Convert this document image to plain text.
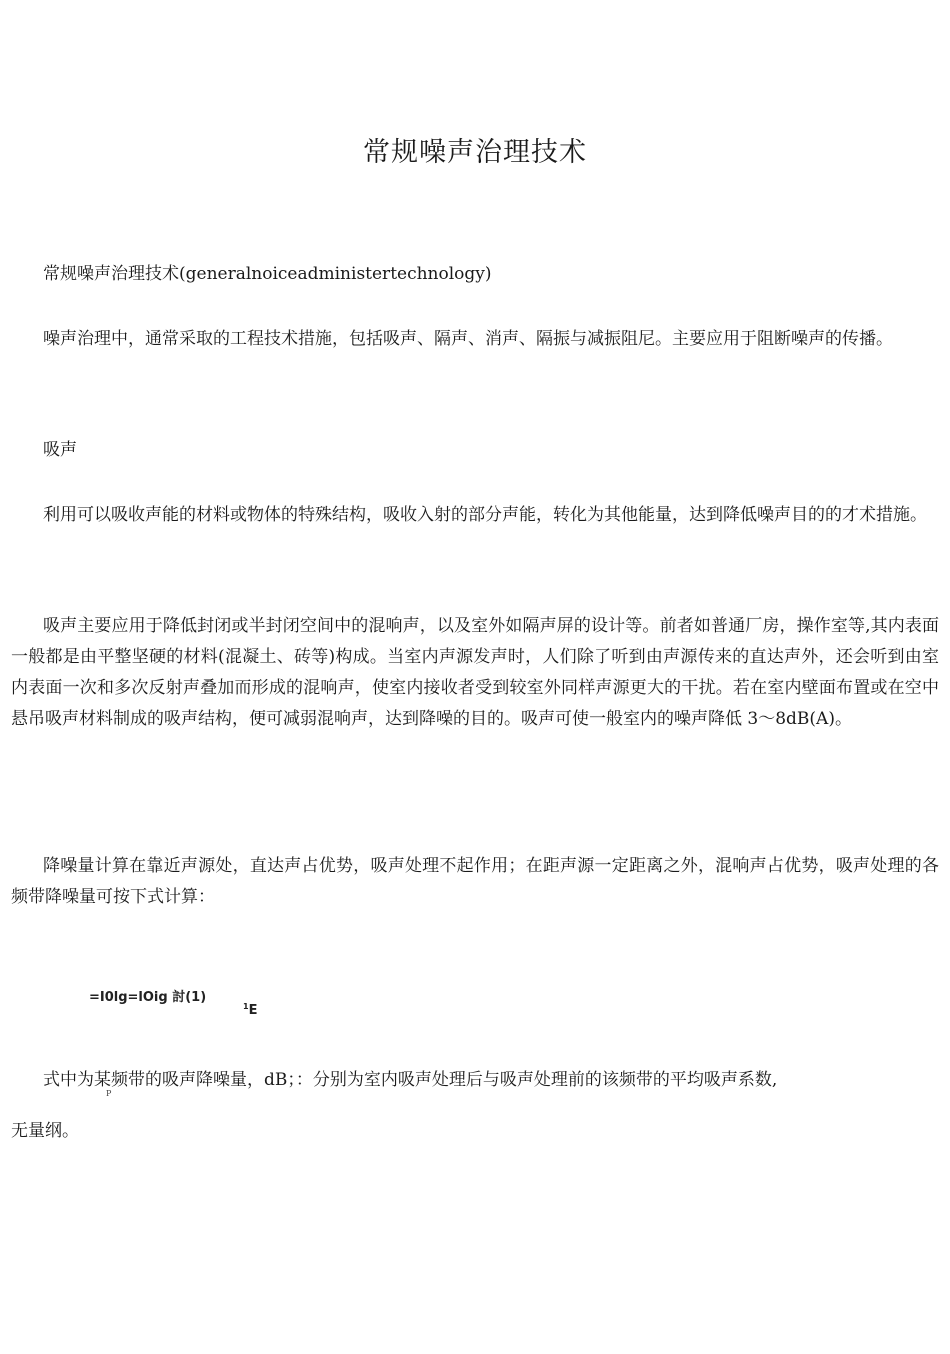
常规噪声治理技术
常规噪声治理技术(generalnoiceadministertechnology)
噪声治理中，通常采取的工程技术措施，包括吸声、隔声、消声、隔振与减振阻尼。主要应用于阻断噪声的传播。
吸声
利用可以吸收声能的材料或物体的特殊结构，吸收入射的部分声能，转化为其他能量，达到降低噪声目的的才术措施。
吸声主要应用于降低封闭或半封闭空间中的混响声，以及室外如隔声屏的设计等。前者如普通厂房，操作室等,其内表面一般都是由平整坚硬的材料(混凝土、砖等)构成。当室内声源发声时，人们除了听到由声源传来的直达声外，还会听到由室内表面一次和多次反射声叠加而形成的混响声，使室内接收者受到较室外同样声源更大的干扰。若在室内壁面布置或在空中悬吊吸声材料制成的吸声结构，便可减弱混响声，达到降噪的目的。吸声可使一般室内的噪声降低 3～8dB(A)。
降噪量计算在靠近声源处，直达声占优势，吸声处理不起作用；在距声源一定距离之外，混响声占优势，吸声处理的各频带降噪量可按下式计算：
=I0lg=lOig 討(1)
$^1$E
式中为某频带的吸声降噪量，dB；：分别为室内吸声处理后与吸声处理前的该频带的平均吸声系数,
P
无量纲。
